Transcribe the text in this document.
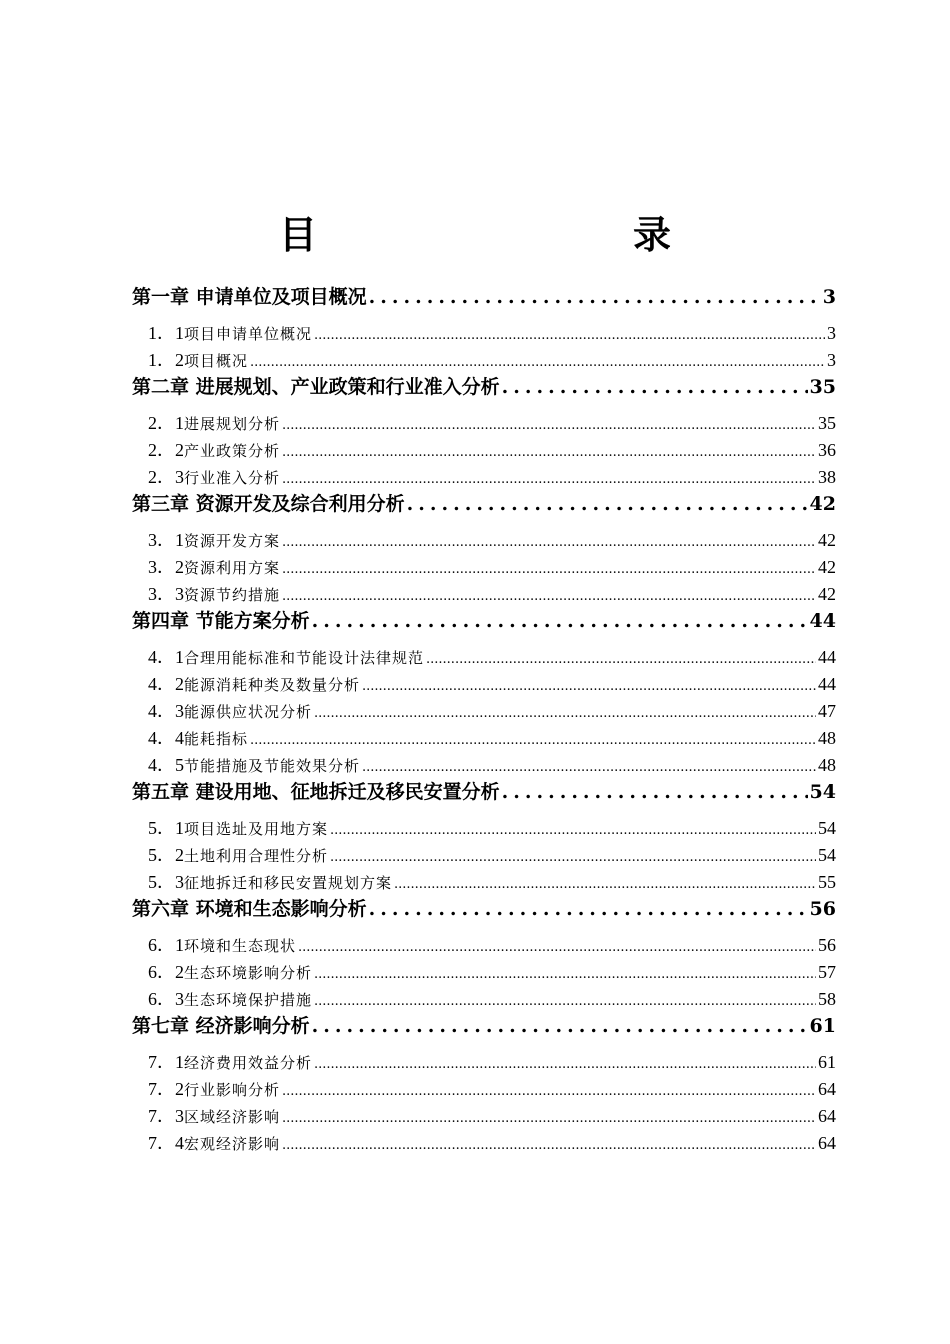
目　　录
第一章 申请单位及项目概况 .....	3
1．1 项目申请单位概况 .....	3
1．2 项目概况 .....	3
第二章 进展规划、产业政策和行业准入分析 .....	35
2．1 进展规划分析 .....	35
2．2 产业政策分析 .....	36
2．3 行业准入分析 .....	38
第三章 资源开发及综合利用分析 .....	42
3．1 资源开发方案 .....	42
3．2 资源利用方案 .....	42
3．3 资源节约措施 .....	42
第四章 节能方案分析 .....	44
4．1 合理用能标准和节能设计法律规范 .....	44
4．2 能源消耗种类及数量分析 .....	44
4．3 能源供应状况分析 .....	47
4．4 能耗指标 .....	48
4．5 节能措施及节能效果分析 .....	48
第五章 建设用地、征地拆迁及移民安置分析 .....	54
5．1 项目选址及用地方案 .....	54
5．2 土地利用合理性分析 .....	54
5．3 征地拆迁和移民安置规划方案 .....	55
第六章 环境和生态影响分析 .....	56
6．1 环境和生态现状 .....	56
6．2 生态环境影响分析 .....	57
6．3 生态环境保护措施 .....	58
第七章 经济影响分析 .....	61
7．1 经济费用效益分析 .....	61
7．2 行业影响分析 .....	64
7．3 区域经济影响 .....	64
7．4 宏观经济影响 .....	64
